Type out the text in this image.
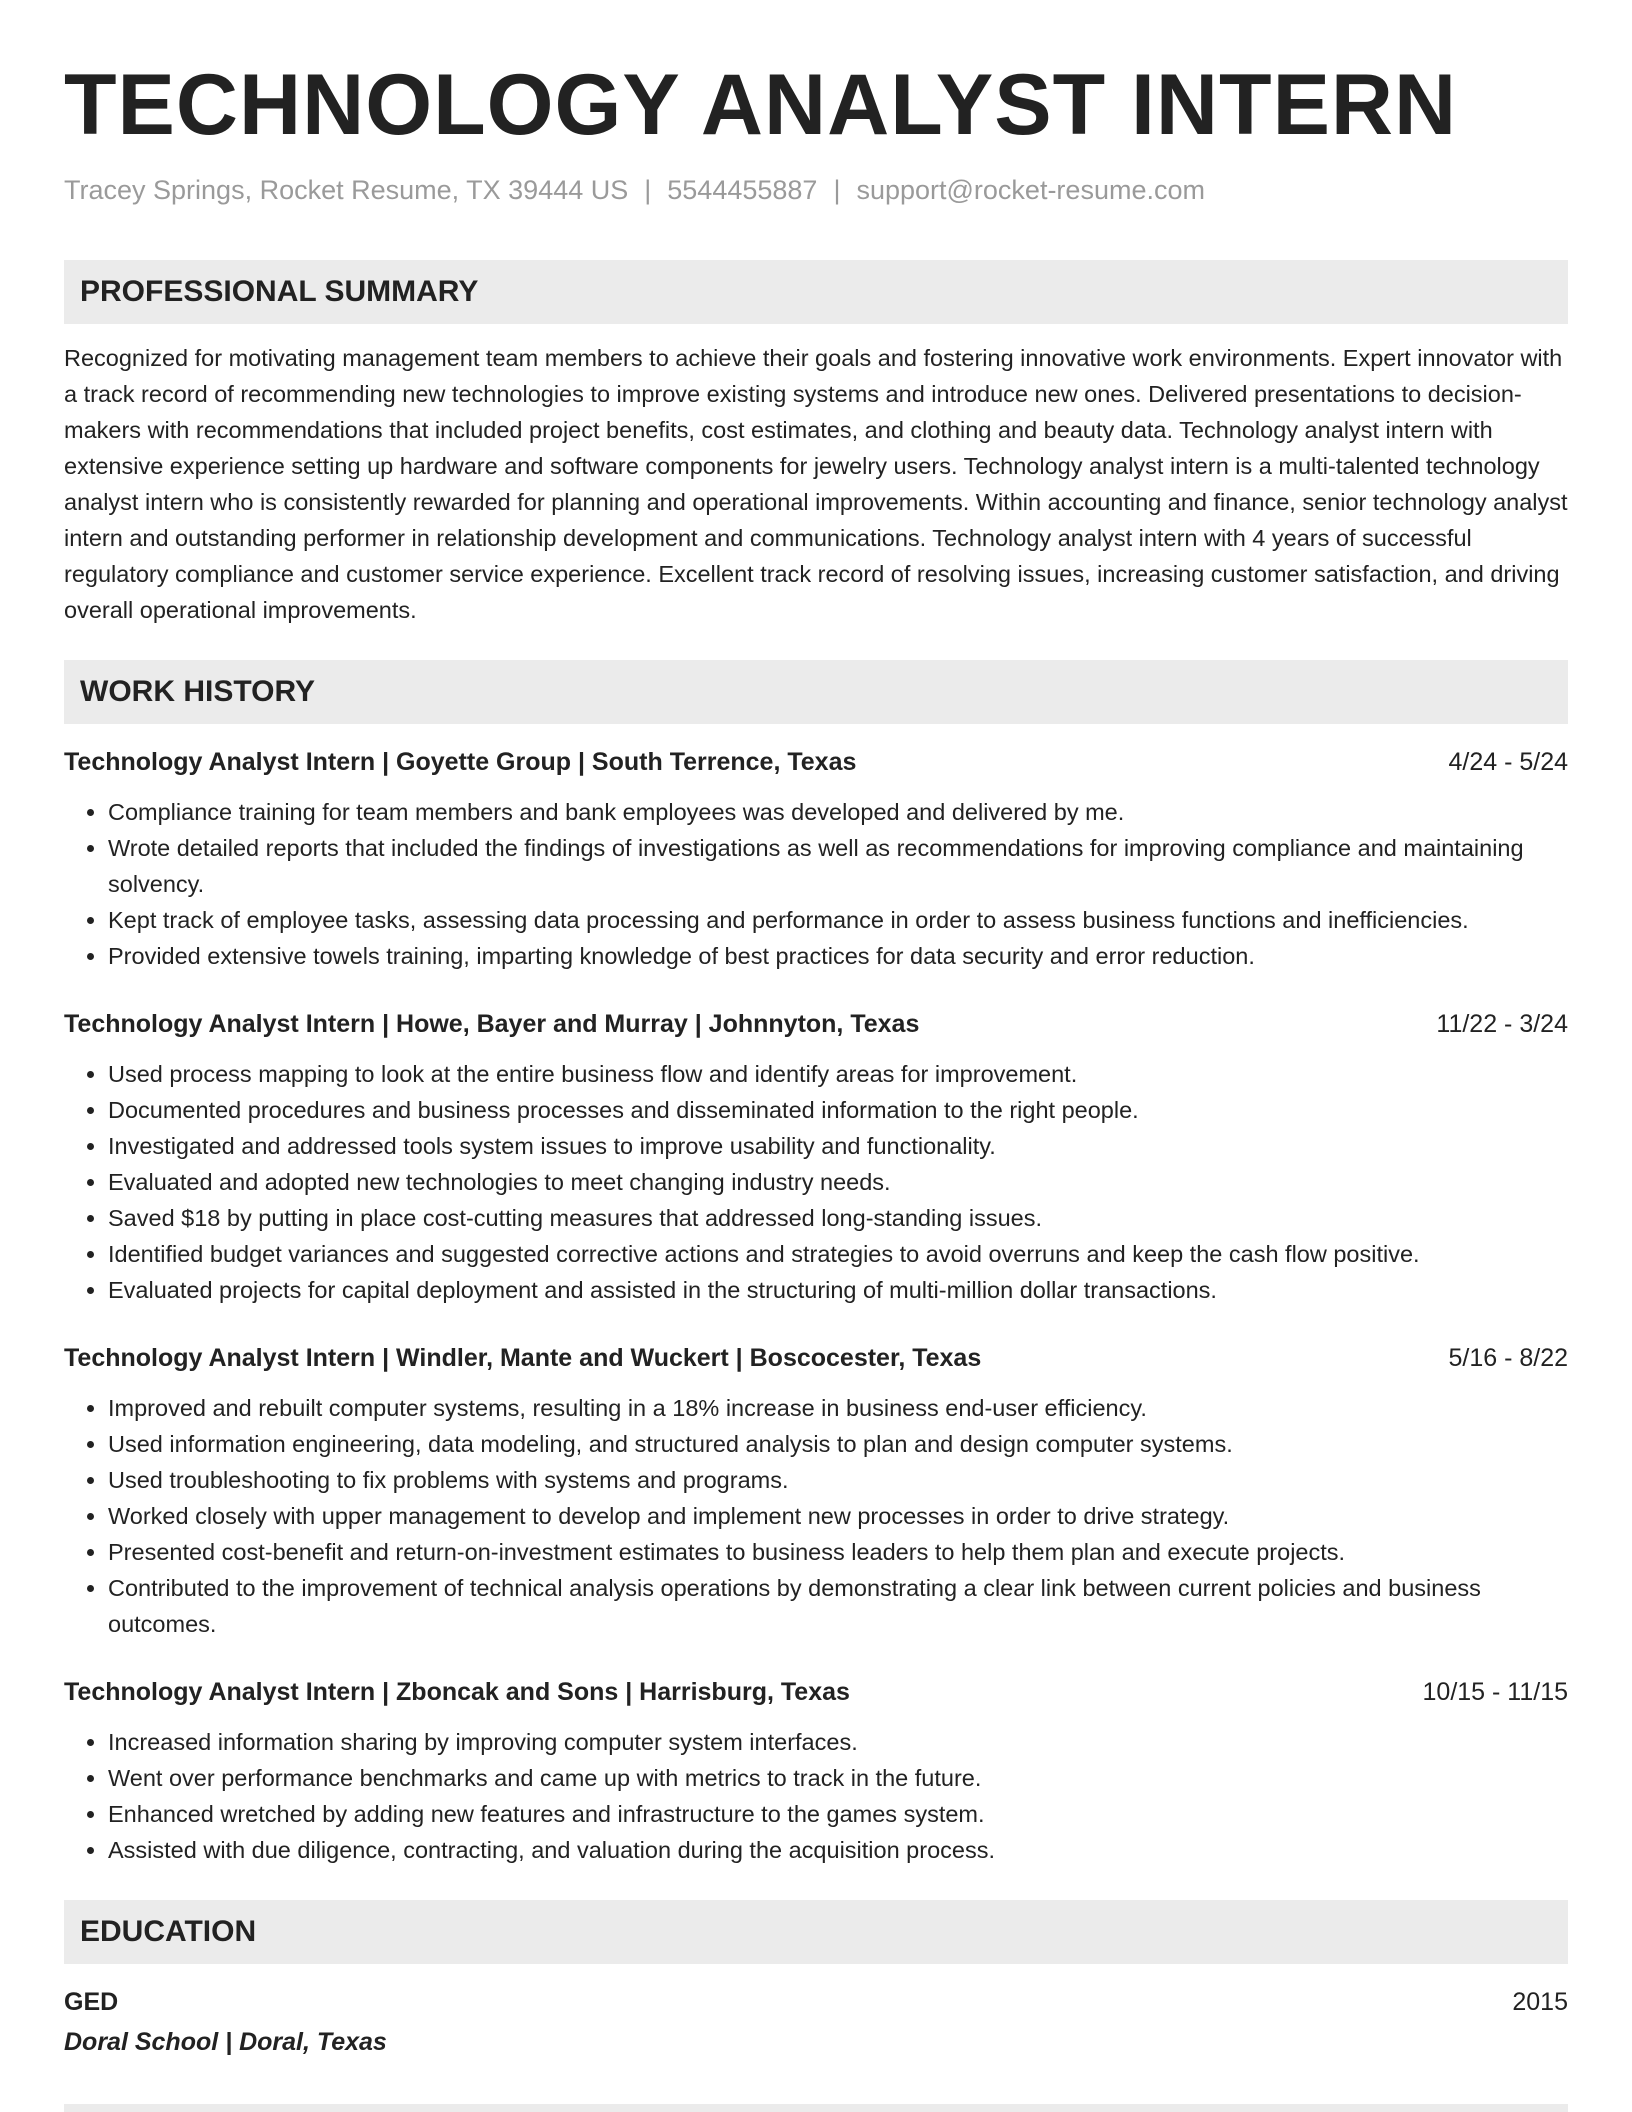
TECHNOLOGY ANALYST INTERN
Tracey Springs, Rocket Resume, TX 39444 US | 5544455887 | support@rocket-resume.com
PROFESSIONAL SUMMARY
Recognized for motivating management team members to achieve their goals and fostering innovative work environments. Expert innovator with a track record of recommending new technologies to improve existing systems and introduce new ones. Delivered presentations to decision-makers with recommendations that included project benefits, cost estimates, and clothing and beauty data. Technology analyst intern with extensive experience setting up hardware and software components for jewelry users. Technology analyst intern is a multi-talented technology analyst intern who is consistently rewarded for planning and operational improvements. Within accounting and finance, senior technology analyst intern and outstanding performer in relationship development and communications. Technology analyst intern with 4 years of successful regulatory compliance and customer service experience. Excellent track record of resolving issues, increasing customer satisfaction, and driving overall operational improvements.
WORK HISTORY
Technology Analyst Intern | Goyette Group | South Terrence, Texas	4/24 - 5/24
• Compliance training for team members and bank employees was developed and delivered by me.
• Wrote detailed reports that included the findings of investigations as well as recommendations for improving compliance and maintaining solvency.
• Kept track of employee tasks, assessing data processing and performance in order to assess business functions and inefficiencies.
• Provided extensive towels training, imparting knowledge of best practices for data security and error reduction.
Technology Analyst Intern | Howe, Bayer and Murray | Johnnyton, Texas	11/22 - 3/24
• Used process mapping to look at the entire business flow and identify areas for improvement.
• Documented procedures and business processes and disseminated information to the right people.
• Investigated and addressed tools system issues to improve usability and functionality.
• Evaluated and adopted new technologies to meet changing industry needs.
• Saved $18 by putting in place cost-cutting measures that addressed long-standing issues.
• Identified budget variances and suggested corrective actions and strategies to avoid overruns and keep the cash flow positive.
• Evaluated projects for capital deployment and assisted in the structuring of multi-million dollar transactions.
Technology Analyst Intern | Windler, Mante and Wuckert | Boscocester, Texas	5/16 - 8/22
• Improved and rebuilt computer systems, resulting in a 18% increase in business end-user efficiency.
• Used information engineering, data modeling, and structured analysis to plan and design computer systems.
• Used troubleshooting to fix problems with systems and programs.
• Worked closely with upper management to develop and implement new processes in order to drive strategy.
• Presented cost-benefit and return-on-investment estimates to business leaders to help them plan and execute projects.
• Contributed to the improvement of technical analysis operations by demonstrating a clear link between current policies and business outcomes.
Technology Analyst Intern | Zboncak and Sons | Harrisburg, Texas	10/15 - 11/15
• Increased information sharing by improving computer system interfaces.
• Went over performance benchmarks and came up with metrics to track in the future.
• Enhanced wretched by adding new features and infrastructure to the games system.
• Assisted with due diligence, contracting, and valuation during the acquisition process.
EDUCATION
GED	2015
Doral School | Doral, Texas
